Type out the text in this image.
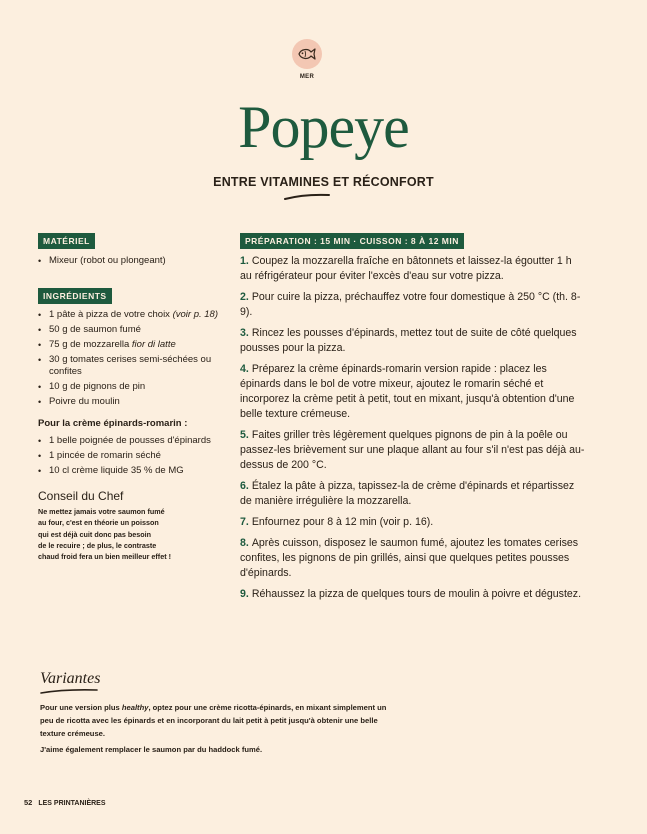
MER
Popeye
ENTRE VITAMINES ET RÉCONFORT
MATÉRIEL
• Mixeur (robot ou plongeant)
INGRÉDIENTS
• 1 pâte à pizza de votre choix (voir p. 18)
• 50 g de saumon fumé
• 75 g de mozzarella fior di latte
• 30 g tomates cerises semi-séchées ou confites
• 10 g de pignons de pin
• Poivre du moulin
Pour la crème épinards-romarin :
• 1 belle poignée de pousses d'épinards
• 1 pincée de romarin séché
• 10 cl crème liquide 35 % de MG
Conseil du Chef
Ne mettez jamais votre saumon fumé
au four, c'est en théorie un poisson
qui est déjà cuit donc pas besoin
de le recuire ; de plus, le contraste
chaud froid fera un bien meilleur effet !
PRÉPARATION : 15 MIN · CUISSON : 8 À 12 MIN

1. Coupez la mozzarella fraîche en bâtonnets et laissez-la égoutter 1 h au réfrigérateur pour éviter l'excès d'eau sur votre pizza.

2. Pour cuire la pizza, préchauffez votre four domestique à 250 °C (th. 8-9).

3. Rincez les pousses d'épinards, mettez tout de suite de côté quelques pousses pour la pizza.

4. Préparez la crème épinards-romarin version rapide : placez les épinards dans le bol de votre mixeur, ajoutez le romarin séché et incorporez la crème petit à petit, tout en mixant, jusqu'à obtention d'une belle texture crémeuse.

5. Faites griller très légèrement quelques pignons de pin à la poêle ou passez-les brièvement sur une plaque allant au four s'il n'est pas déjà au-dessus de 200 °C.

6. Étalez la pâte à pizza, tapissez-la de crème d'épinards et répartissez de manière irrégulière la mozzarella.

7. Enfournez pour 8 à 12 min (voir p. 16).

8. Après cuisson, disposez le saumon fumé, ajoutez les tomates cerises confites, les pignons de pin grillés, ainsi que quelques petites pousses d'épinards.

9. Réhaussez la pizza de quelques tours de moulin à poivre et dégustez.

Variantes

Pour une version plus healthy, optez pour une crème ricotta-épinards, en mixant simplement un peu de ricotta avec les épinards et en incorporant du lait petit à petit jusqu'à obtenir une belle texture crémeuse.

J'aime également remplacer le saumon par du haddock fumé.

52 LES PRINTANIÈRES
